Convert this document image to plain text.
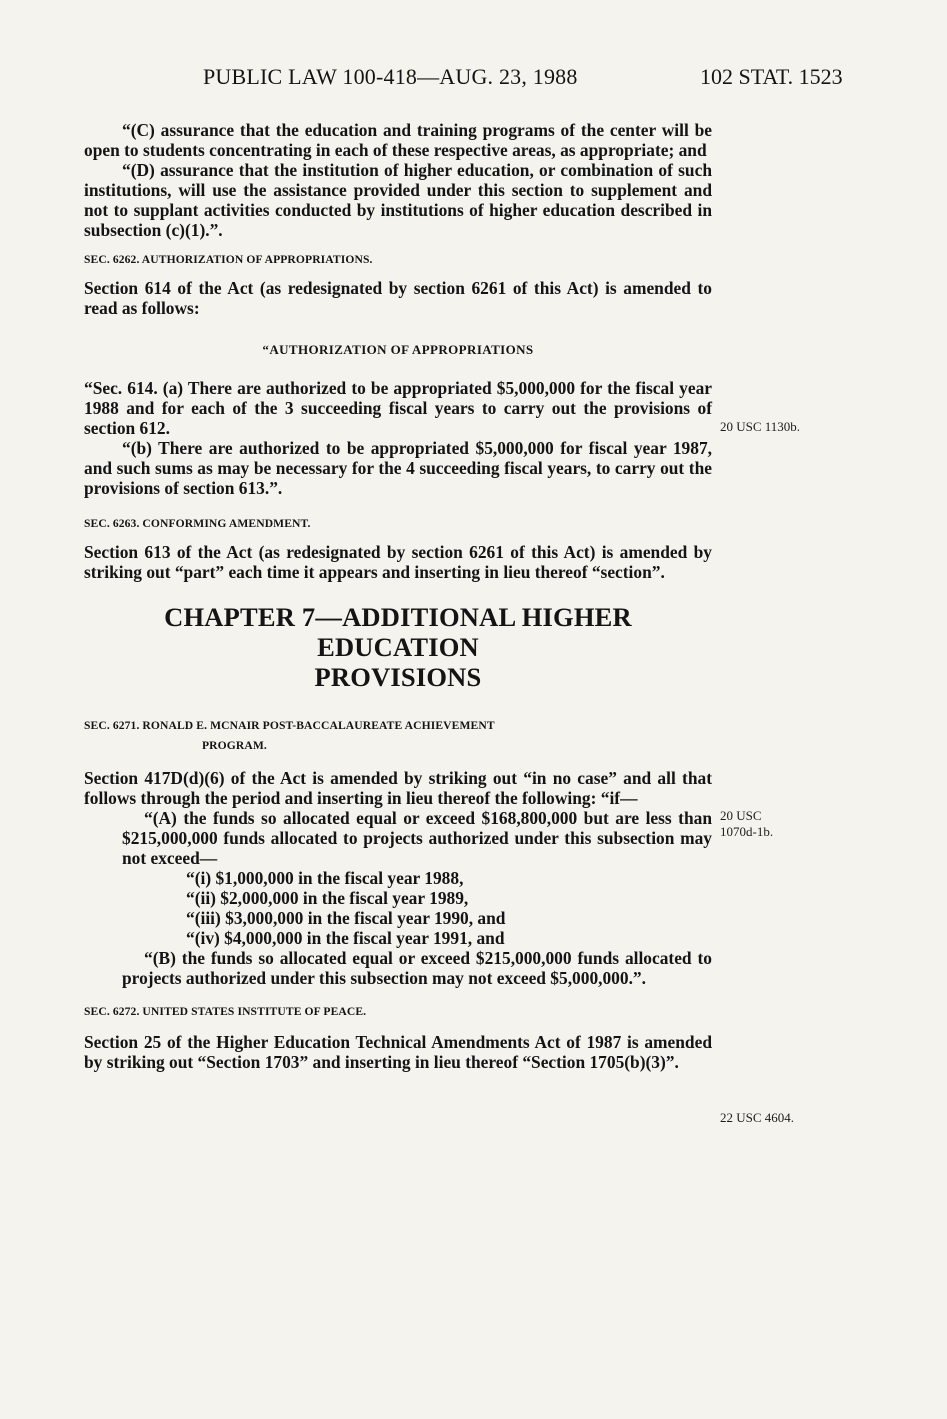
PUBLIC LAW 100-418—AUG. 23, 1988	102 STAT. 1523

“(C) assurance that the education and training programs of the center will be open to students concentrating in each of these respective areas, as appropriate; and

“(D) assurance that the institution of higher education, or combination of such institutions, will use the assistance provided under this section to supplement and not to supplant activities conducted by institutions of higher education described in subsection (c)(1).”.

SEC. 6262. AUTHORIZATION OF APPROPRIATIONS.

Section 614 of the Act (as redesignated by section 6261 of this Act) is amended to read as follows:

“AUTHORIZATION OF APPROPRIATIONS

“Sec. 614. (a) There are authorized to be appropriated $5,000,000 for the fiscal year 1988 and for each of the 3 succeeding fiscal years to carry out the provisions of section 612.

“(b) There are authorized to be appropriated $5,000,000 for fiscal year 1987, and such sums as may be necessary for the 4 succeeding fiscal years, to carry out the provisions of section 613.”.

SEC. 6263. CONFORMING AMENDMENT.

Section 613 of the Act (as redesignated by section 6261 of this Act) is amended by striking out “part” each time it appears and inserting in lieu thereof “section”.

CHAPTER 7—ADDITIONAL HIGHER EDUCATION

PROVISIONS

SEC. 6271. RONALD E. MCNAIR POST-BACCALAUREATE ACHIEVEMENT

PROGRAM.

Section 417D(d)(6) of the Act is amended by striking out “in no case” and all that follows through the period and inserting in lieu thereof the following: “if—

“(A) the funds so allocated equal or exceed $168,800,000 but are less than $215,000,000 funds allocated to projects authorized under this subsection may not exceed—

“(i) $1,000,000 in the fiscal year 1988,

“(ii) $2,000,000 in the fiscal year 1989,

“(iii) $3,000,000 in the fiscal year 1990, and

“(iv) $4,000,000 in the fiscal year 1991, and

“(B) the funds so allocated equal or exceed $215,000,000 funds allocated to projects authorized under this subsection may not exceed $5,000,000.”.

SEC. 6272. UNITED STATES INSTITUTE OF PEACE.

Section 25 of the Higher Education Technical Amendments Act of 1987 is amended by striking out “Section 1703” and inserting in lieu thereof “Section 1705(b)(3)”.

20 USC 1130b.
20 USC
1070d-1b.
22 USC 4604.
